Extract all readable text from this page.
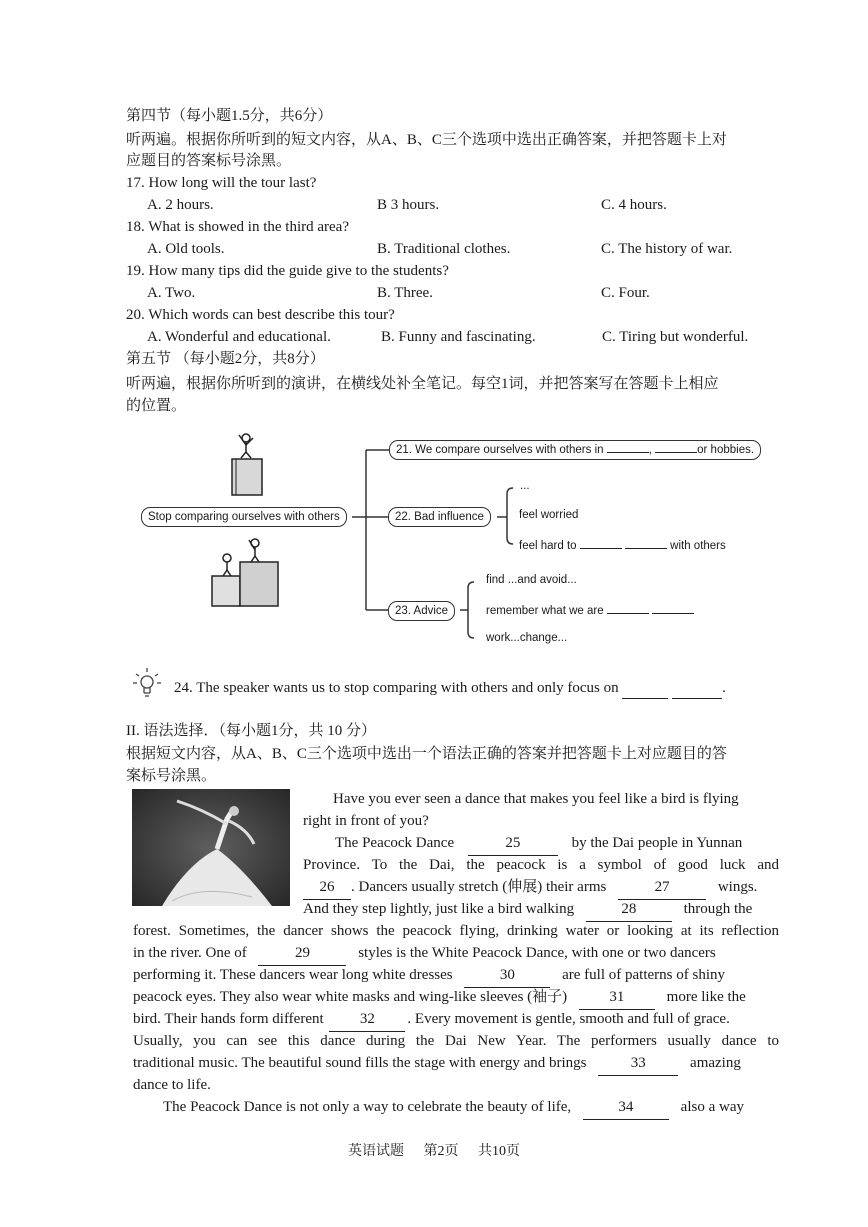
第四节（每小题1.5分，共6分）
听两遍。根据你所听到的短文内容，从A、B、C三个选项中选出正确答案，并把答题卡上对
应题目的答案标号涂黑。
17. How long will the tour last?
A. 2 hours.	B 3 hours.	C. 4 hours.
18. What is showed in the third area?
A. Old tools.	B. Traditional clothes.	C. The history of war.
19. How many tips did the guide give to the students?
A. Two.	B. Three.	C. Four.
20. Which words can best describe this tour?
A. Wonderful and educational.	B. Funny and fascinating.	C. Tiring but wonderful.
第五节 （每小题2分，共8分）
听两遍，根据你所听到的演讲，在横线处补全笔记。每空1词，并把答案写在答题卡上相应
的位置。
Stop comparing ourselves with others
21. We compare ourselves with others in	,	or hobbies.
22. Bad influence
...
feel worried
feel hard to	with others
23. Advice
find ...and avoid...
remember what we are
work...change...
24. The speaker wants us to stop comparing with others and only focus on	.
II. 语法选择．（每小题1分，共 10 分）
根据短文内容，从A、B、C三个选项中选出一个语法正确的答案并把答题卡上对应题目的答
案标号涂黑。
Have you ever seen a dance that makes you feel like a bird is flying
right in front of you?
The Peacock Dance	25	by the Dai people in Yunnan
Province. To the Dai, the peacock is a symbol of good luck and
26 . Dancers usually stretch (伸展) their arms	27	wings.
And they step lightly, just like a bird walking	28	through the
forest. Sometimes, the dancer shows the peacock flying, drinking water or looking at its reflection
in the river. One of	29	styles is the White Peacock Dance, with one or two dancers
performing it. These dancers wear long white dresses	30	are full of patterns of shiny
peacock eyes. They also wear white masks and wing-like sleeves (袖子)	31	more like the
bird. Their hands form different 32 . Every movement is gentle, smooth and full of grace.
Usually, you can see this dance during the Dai New Year. The performers usually dance to
traditional music. The beautiful sound fills the stage with energy and brings	33	amazing
dance to life.
The Peacock Dance is not only a way to celebrate the beauty of life,	34	also a way
英语试题 第2页 共10页
